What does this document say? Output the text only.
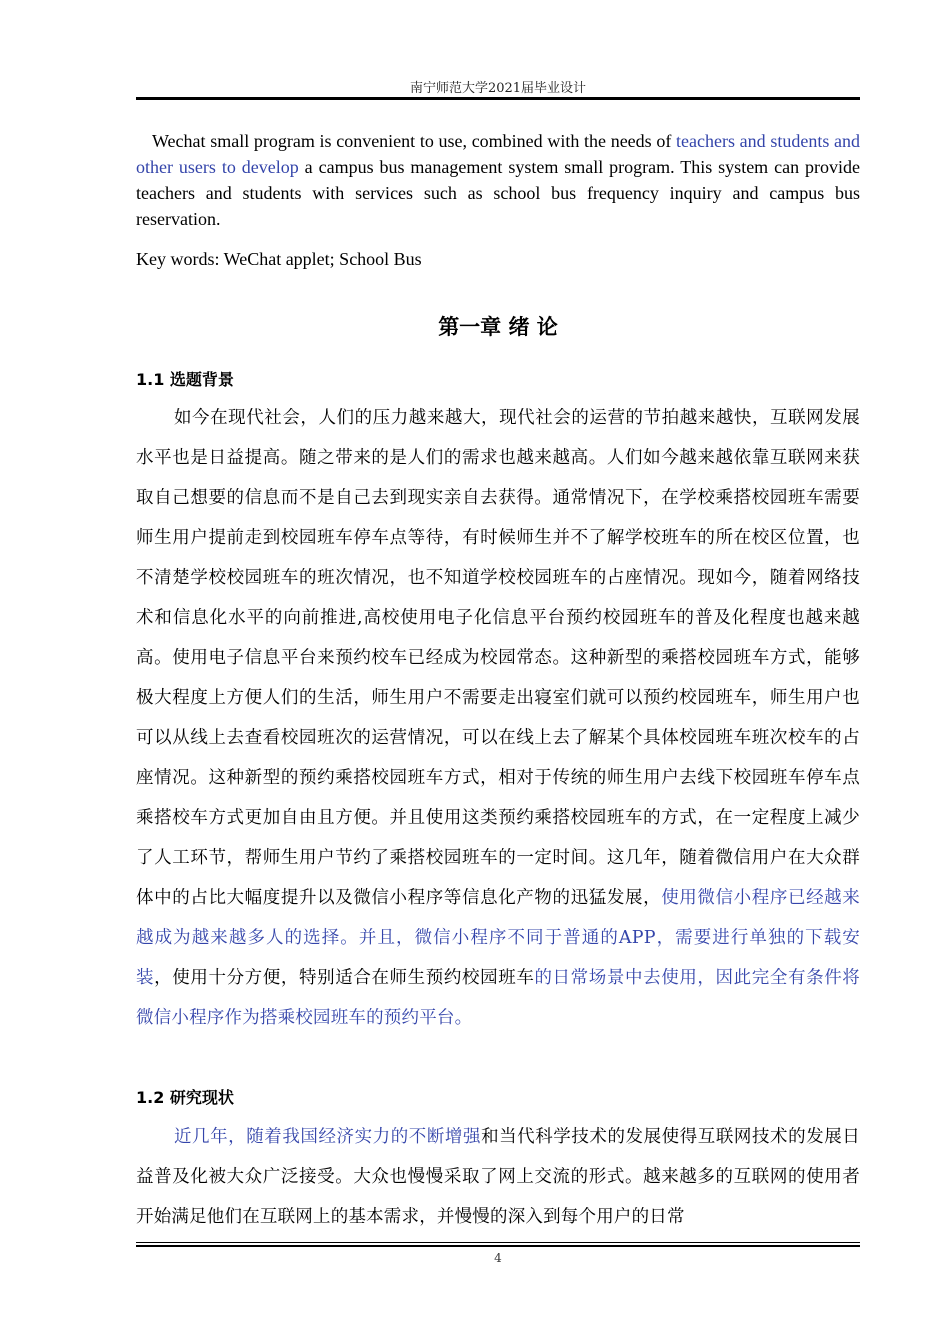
南宁师范大学2021届毕业设计

Wechat small program is convenient to use, combined with the needs of teachers and students and other users to develop a campus bus management system small program. This system can provide teachers and students with services such as school bus frequency inquiry and campus bus reservation.

Key words: WeChat applet; School Bus

第一章 绪 论
1.1 选题背景

如今在现代社会，人们的压力越来越大，现代社会的运营的节拍越来越快，互联网发展水平也是日益提高。随之带来的是人们的需求也越来越高。人们如今越来越依靠互联网来获取自己想要的信息而不是自己去到现实亲自去获得。通常情况下，在学校乘搭校园班车需要师生用户提前走到校园班车停车点等待，有时候师生并不了解学校班车的所在校区位置，也不清楚学校校园班车的班次情况，也不知道学校校园班车的占座情况。现如今，随着网络技术和信息化水平的向前推进,高校使用电子化信息平台预约校园班车的普及化程度也越来越高。使用电子信息平台来预约校车已经成为校园常态。这种新型的乘搭校园班车方式，能够极大程度上方便人们的生活，师生用户不需要走出寝室们就可以预约校园班车，师生用户也可以从线上去查看校园班次的运营情况，可以在线上去了解某个具体校园班车班次校车的占座情况。这种新型的预约乘搭校园班车方式，相对于传统的师生用户去线下校园班车停车点乘搭校车方式更加自由且方便。并且使用这类预约乘搭校园班车的方式，在一定程度上减少了人工环节，帮师生用户节约了乘搭校园班车的一定时间。这几年，随着微信用户在大众群体中的占比大幅度提升以及微信小程序等信息化产物的迅猛发展，使用微信小程序已经越来越成为越来越多人的选择。并且，微信小程序不同于普通的APP，需要进行单独的下载安装，使用十分方便，特别适合在师生预约校园班车的日常场景中去使用，因此完全有条件将微信小程序作为搭乘校园班车的预约平台。

1.2 研究现状

近几年，随着我国经济实力的不断增强和当代科学技术的发展使得互联网技术的发展日益普及化被大众广泛接受。大众也慢慢采取了网上交流的形式。越来越多的互联网的使用者开始满足他们在互联网上的基本需求，并慢慢的深入到每个用户的日常

4
